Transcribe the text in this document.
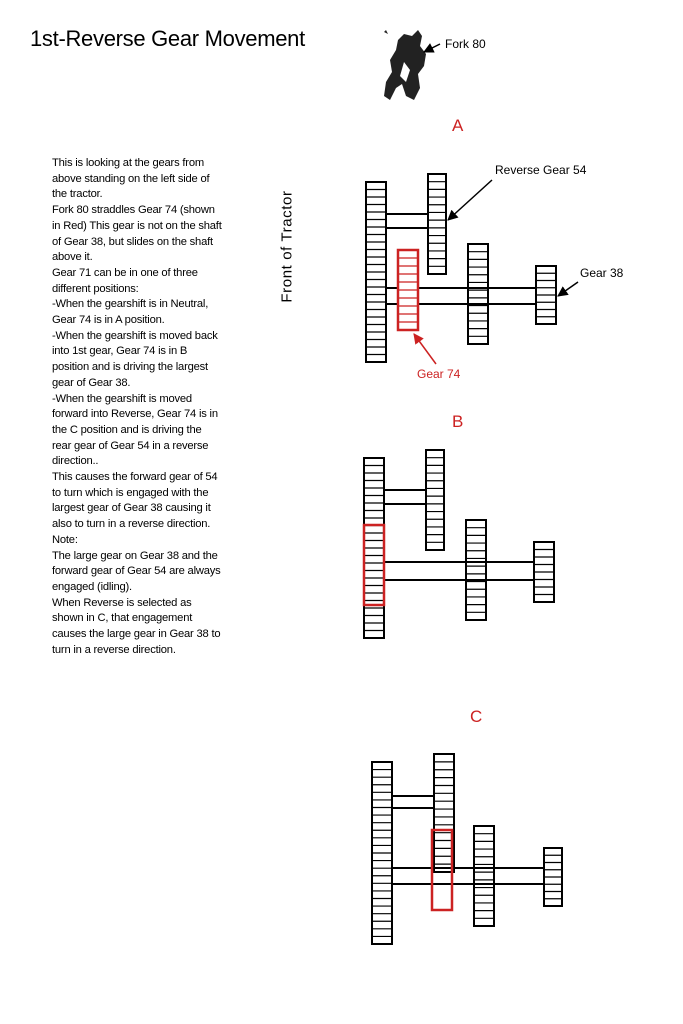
1st-Reverse Gear Movement

This is looking at the gears from above standing on the left side of the tractor.

Fork 80 straddles Gear 74 (shown in Red) This gear is not on the shaft of Gear 38, but slides on the shaft above it.

Gear 71 can be in one of three different positions:

-When the gearshift is in Neutral, Gear 74 is in A position.

-When the gearshift is moved back into 1st gear, Gear 74 is in B position and is driving the largest gear of Gear 38.

-When the gearshift is moved forward into Reverse, Gear 74 is in the C position and is driving the rear gear of Gear 54 in a reverse direction..

This causes the forward gear of 54 to turn which is engaged with the largest gear of Gear 38 causing it also to turn in a reverse direction.

Note:

The large gear on Gear 38 and the forward gear of Gear 54 are always engaged (idling).

When Reverse is selected as shown in C, that engagement causes the large gear in Gear 38 to turn in a reverse direction.

Front of Tractor
Fork 80
A
Reverse Gear 54
Gear 38
Gear 74
B
C
